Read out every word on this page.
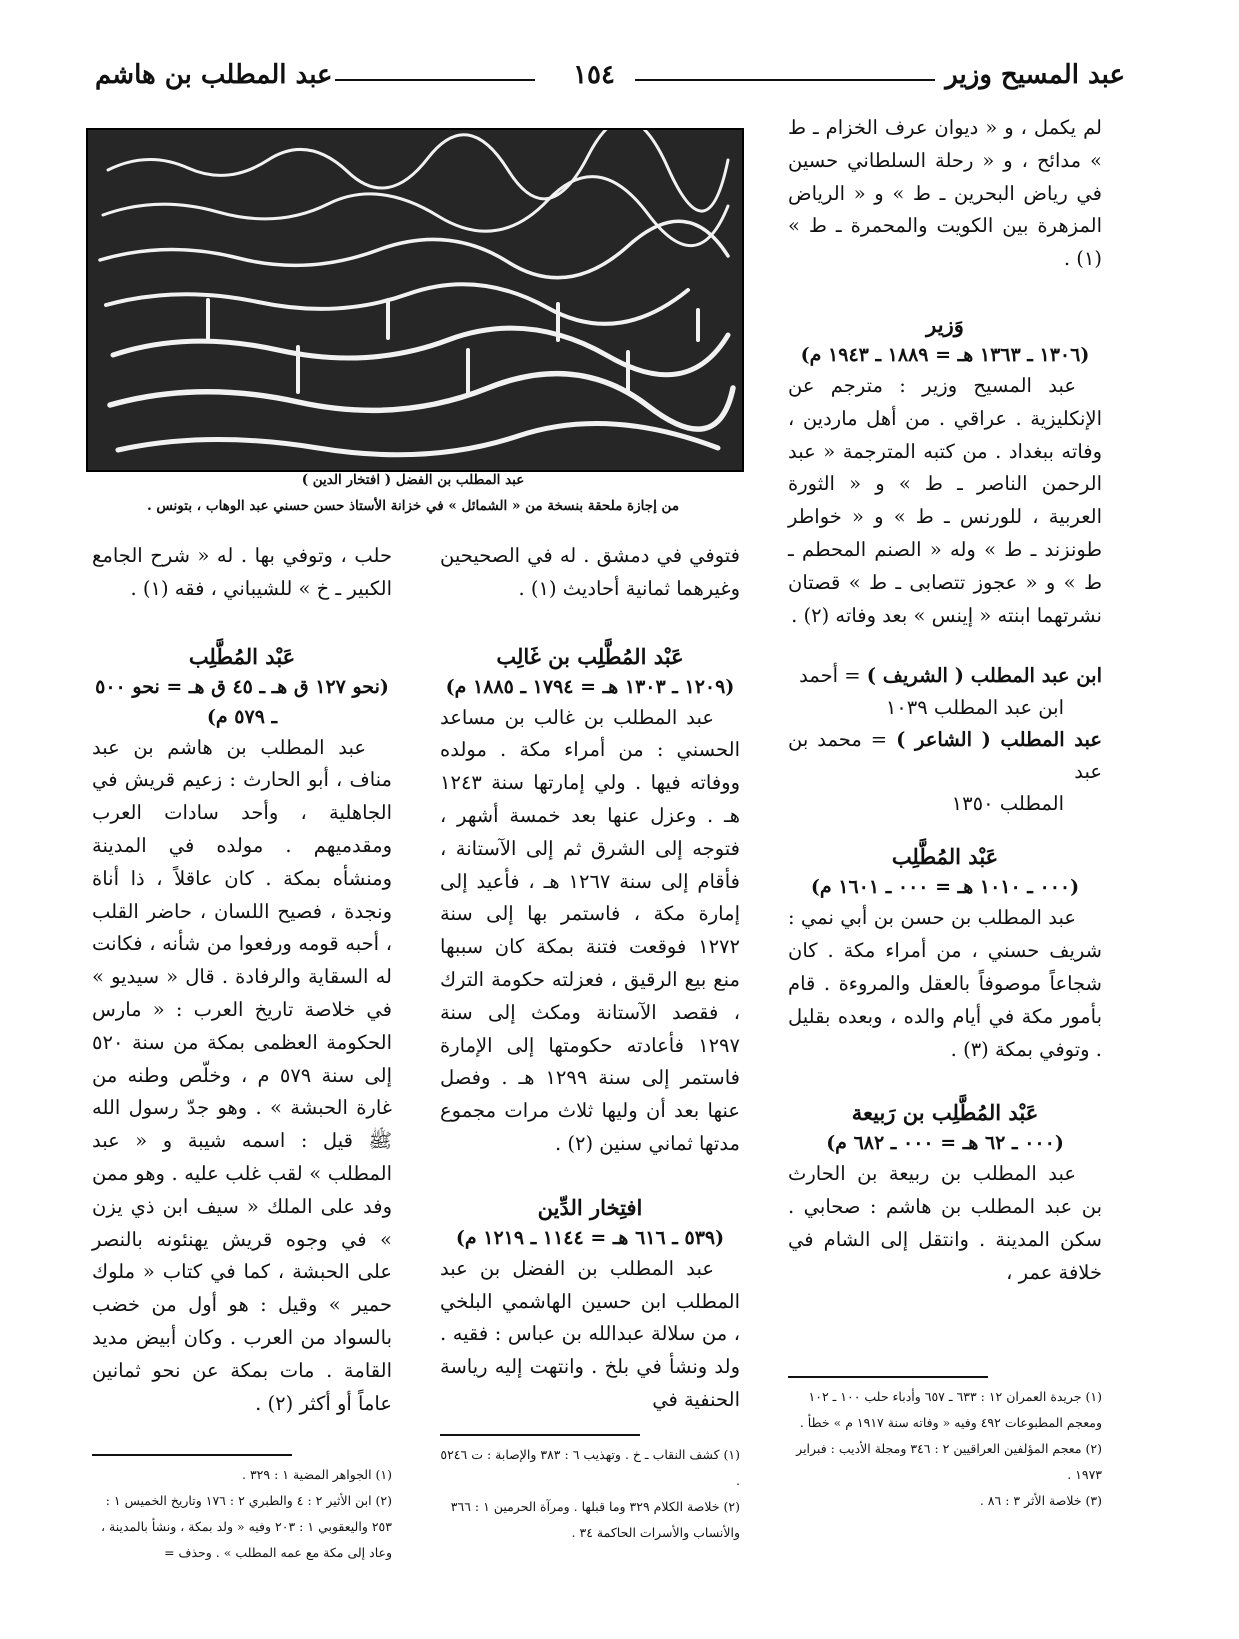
عبد المسيح وزير
١٥٤
عبد المطلب بن هاشم
عبد المطلب بن الفضل ( افتخار الدين )
من إجازة ملحقة بنسخة من « الشمائل » في خزانة الأستاذ حسن حسني عبد الوهاب ، بتونس .

لم يكمل ، و « ديوان عرف الخزام ـ ط » مدائح ، و « رحلة السلطاني حسين في رياض البحرين ـ ط » و « الرياض المزهرة بين الكويت والمحمرة ـ ط » (١) .

وَزير

(١٣٠٦ ـ ١٣٦٣ هـ = ١٨٨٩ ـ ١٩٤٣ م)

عبد المسيح وزير : مترجم عن الإنكليزية . عراقي . من أهل ماردين ، وفاته ببغداد . من كتبه المترجمة « عبد الرحمن الناصر ـ ط » و « الثورة العربية ، للورنس ـ ط » و « خواطر طونزند ـ ط » وله « الصنم المحطم ـ ط » و « عجوز تتصابى ـ ط » قصتان نشرتهما ابنته « إينس » بعد وفاته (٢) .

ابن عبد المطلب ( الشريف ) = أحمد
ابن عبد المطلب ١٠٣٩

عبد المطلب ( الشاعر ) = محمد بن عبد
المطلب ١٣٥٠

عَبْد المُطَّلِب

(٠٠٠ ـ ١٠١٠ هـ = ٠٠٠ ـ ١٦٠١ م)

عبد المطلب بن حسن بن أبي نمي : شريف حسني ، من أمراء مكة . كان شجاعاً موصوفاً بالعقل والمروءة . قام بأمور مكة في أيام والده ، وبعده بقليل . وتوفي بمكة (٣) .

عَبْد المُطَّلِب بن رَبيعة

(٠٠٠ ـ ٦٢ هـ = ٠٠٠ ـ ٦٨٢ م)

عبد المطلب بن ربيعة بن الحارث بن عبد المطلب بن هاشم : صحابي . سكن المدينة . وانتقل إلى الشام في خلافة عمر ،

فتوفي في دمشق . له في الصحيحين وغيرهما ثمانية أحاديث (١) .

عَبْد المُطَّلِب بن غَالِب

(١٢٠٩ ـ ١٣٠٣ هـ = ١٧٩٤ ـ ١٨٨٥ م)

عبد المطلب بن غالب بن مساعد الحسني : من أمراء مكة . مولده ووفاته فيها . ولي إمارتها سنة ١٢٤٣ هـ . وعزل عنها بعد خمسة أشهر ، فتوجه إلى الشرق ثم إلى الآستانة ، فأقام إلى سنة ١٢٦٧ هـ ، فأعيد إلى إمارة مكة ، فاستمر بها إلى سنة ١٢٧٢ فوقعت فتنة بمكة كان سببها منع بيع الرقيق ، فعزلته حكومة الترك ، فقصد الآستانة ومكث إلى سنة ١٢٩٧ فأعادته حكومتها إلى الإمارة فاستمر إلى سنة ١٢٩٩ هـ . وفصل عنها بعد أن وليها ثلاث مرات مجموع مدتها ثماني سنين (٢) .

افتِخار الدِّين

(٥٣٩ ـ ٦١٦ هـ = ١١٤٤ ـ ١٢١٩ م)

عبد المطلب بن الفضل بن عبد المطلب ابن حسين الهاشمي البلخي ، من سلالة عبدالله بن عباس : فقيه . ولد ونشأ في بلخ . وانتهت إليه رياسة الحنفية في

حلب ، وتوفي بها . له « شرح الجامع الكبير ـ خ » للشيباني ، فقه (١) .

عَبْد المُطَّلِب

(نحو ١٢٧ ق هـ ـ ٤٥ ق هـ = نحو ٥٠٠ ـ ٥٧٩ م)

عبد المطلب بن هاشم بن عبد مناف ، أبو الحارث : زعيم قريش في الجاهلية ، وأحد سادات العرب ومقدميهم . مولده في المدينة ومنشأه بمكة . كان عاقلاً ، ذا أناة ونجدة ، فصيح اللسان ، حاضر القلب ، أحبه قومه ورفعوا من شأنه ، فكانت له السقاية والرفادة . قال « سيديو » في خلاصة تاريخ العرب : « مارس الحكومة العظمى بمكة من سنة ٥٢٠ إلى سنة ٥٧٩ م ، وخلّص وطنه من غارة الحبشة » . وهو جدّ رسول الله ﷺ قيل : اسمه شيبة و « عبد المطلب » لقب غلب عليه . وهو ممن وفد على الملك « سيف ابن ذي يزن » في وجوه قريش يهنئونه بالنصر على الحبشة ، كما في كتاب « ملوك حمير » وقيل : هو أول من خضب بالسواد من العرب . وكان أبيض مديد القامة . مات بمكة عن نحو ثمانين عاماً أو أكثر (٢) .	(١) جريدة العمران ١٢ : ٦٣٣ ـ ٦٥٧ وأدباء حلب ١٠٠ ـ ١٠٢ ومعجم المطبوعات ٤٩٢ وفيه « وفاته سنة ١٩١٧ م » خطأ .

(٢) معجم المؤلفين العراقيين ٢ : ٣٤٦ ومجلة الأديب : فبراير ١٩٧٣ .

(٣) خلاصة الأثر ٣ : ٨٦ .

(١) كشف النقاب ـ خ . وتهذيب ٦ : ٣٨٣ والإصابة : ت ٥٢٤٦ .

(٢) خلاصة الكلام ٣٢٩ وما قبلها . ومرآة الحرمين ١ : ٣٦٦ والأنساب والأسرات الحاكمة ٣٤ .

(١) الجواهر المضية ١ : ٣٢٩ .

(٢) ابن الأثير ٢ : ٤ والطبري ٢ : ١٧٦ وتاريخ الخميس ١ : ٢٥٣ واليعقوبي ١ : ٢٠٣ وفيه « ولد بمكة ، ونشأ بالمدينة ، وعاد إلى مكة مع عمه المطلب » . وحذف =
